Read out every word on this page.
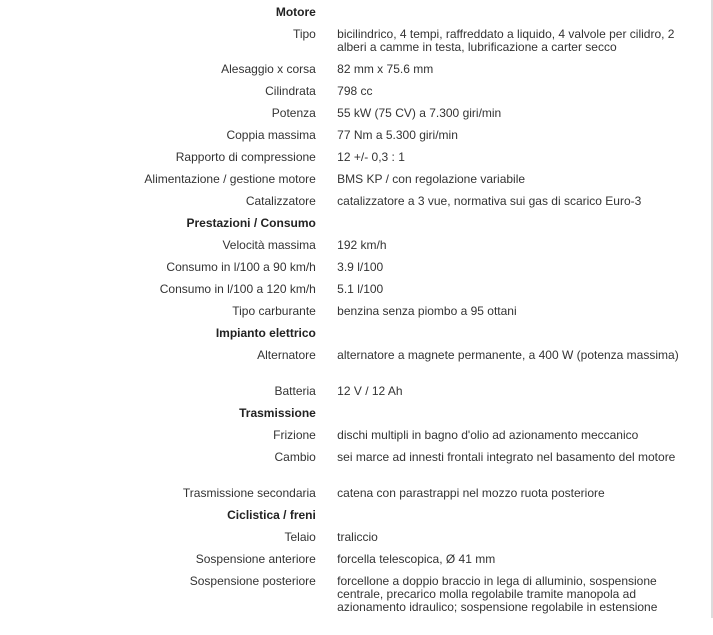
Motore		
Tipo		bicilindrico, 4 tempi, raffreddato a liquido, 4 valvole per cilidro, 2 alberi a camme in testa, lubrificazione a carter secco
Alesaggio x corsa		82 mm x 75.6 mm
Cilindrata		798 cc
Potenza		55 kW (75 CV) a 7.300 giri/min
Coppia massima		77 Nm a 5.300 giri/min
Rapporto di compressione		12 +/- 0,3 : 1
Alimentazione / gestione motore		BMS KP / con regolazione variabile
Catalizzatore		catalizzatore a 3 vue, normativa sui gas di scarico Euro-3
Prestazioni / Consumo		
Velocità massima		192 km/h
Consumo in l/100 a 90 km/h		3.9 l/100
Consumo in l/100 a 120 km/h		5.1 l/100
Tipo carburante		benzina senza piombo a 95 ottani
Impianto elettrico		
Alternatore		alternatore a magnete permanente, a 400 W (potenza massima)
Batteria		12 V / 12 Ah
Trasmissione		
Frizione		dischi multipli in bagno d'olio ad azionamento meccanico
Cambio		sei marce ad innesti frontali integrato nel basamento del motore
Trasmissione secondaria		catena con parastrappi nel mozzo ruota posteriore
Ciclistica / freni		
Telaio		traliccio
Sospensione anteriore		forcella telescopica, Ø 41 mm
Sospensione posteriore		forcellone a doppio braccio in lega di alluminio, sospensione centrale, precarico molla regolabile tramite manopola ad azionamento idraulico; sospensione regolabile in estensione
